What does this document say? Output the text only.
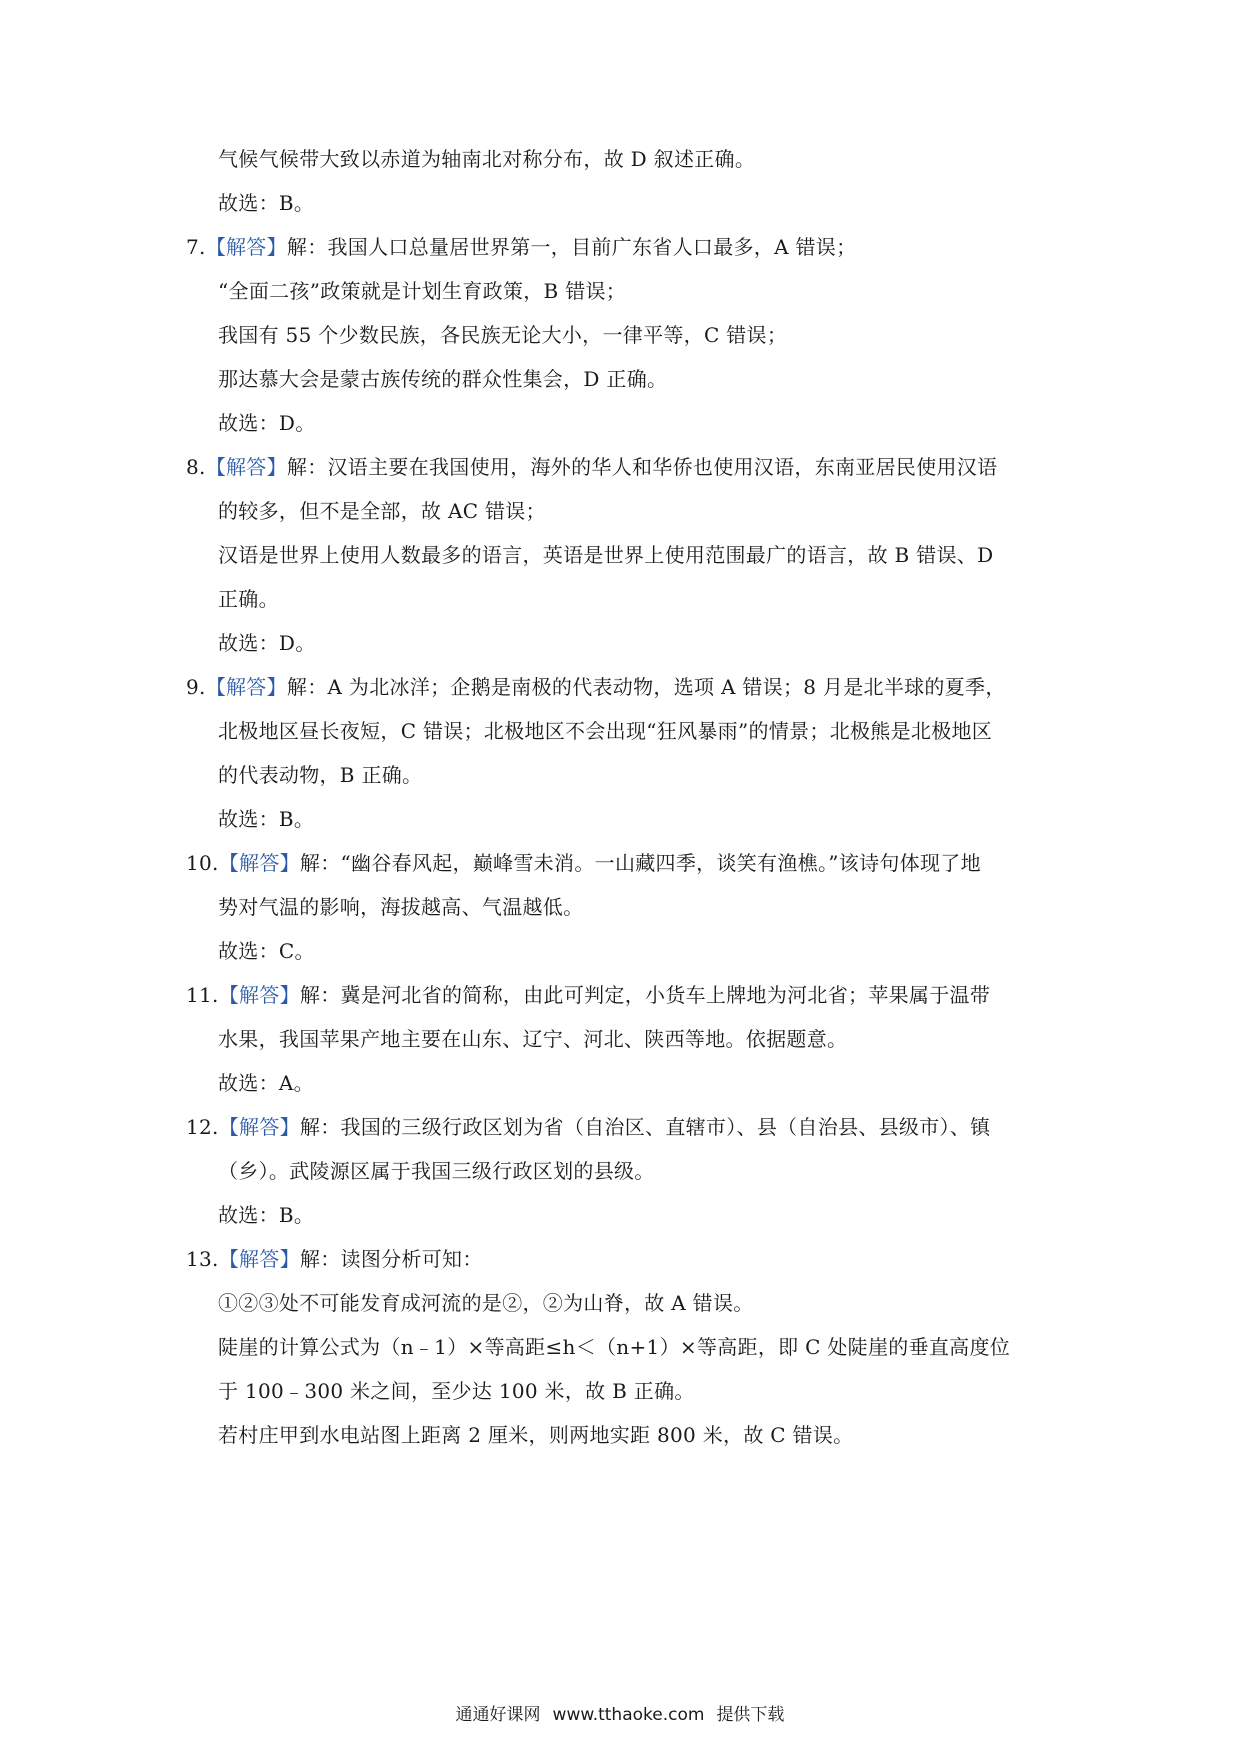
气候气候带大致以赤道为轴南北对称分布，故 D 叙述正确。
故选：B。
7.【解答】解：我国人口总量居世界第一，目前广东省人口最多，A 错误；
“全面二孩”政策就是计划生育政策，B 错误；
我国有 55 个少数民族，各民族无论大小，一律平等，C 错误；
那达慕大会是蒙古族传统的群众性集会，D 正确。
故选：D。
8.【解答】解：汉语主要在我国使用，海外的华人和华侨也使用汉语，东南亚居民使用汉语
的较多，但不是全部，故 AC 错误；
汉语是世界上使用人数最多的语言，英语是世界上使用范围最广的语言，故 B 错误、D
正确。
故选：D。
9.【解答】解：A 为北冰洋；企鹅是南极的代表动物，选项 A 错误；8 月是北半球的夏季，
北极地区昼长夜短，C 错误；北极地区不会出现“狂风暴雨”的情景；北极熊是北极地区
的代表动物，B 正确。
故选：B。
10.【解答】解：“幽谷春风起，巅峰雪未消。一山藏四季，谈笑有渔樵。”该诗句体现了地
势对气温的影响，海拔越高、气温越低。
故选：C。
11.【解答】解：冀是河北省的简称，由此可判定，小货车上牌地为河北省；苹果属于温带
水果，我国苹果产地主要在山东、辽宁、河北、陕西等地。依据题意。
故选：A。
12.【解答】解：我国的三级行政区划为省（自治区、直辖市）、县（自治县、县级市）、镇
（乡）。武陵源区属于我国三级行政区划的县级。
故选：B。
13.【解答】解：读图分析可知：
①②③处不可能发育成河流的是②，②为山脊，故 A 错误。
陡崖的计算公式为（n﹣1）×等高距≤h＜（n+1）×等高距，即 C 处陡崖的垂直高度位
于 100﹣300 米之间，至少达 100 米，故 B 正确。
若村庄甲到水电站图上距离 2 厘米，则两地实距 800 米，故 C 错误。
通通好课网 www.tthaoke.com 提供下载
